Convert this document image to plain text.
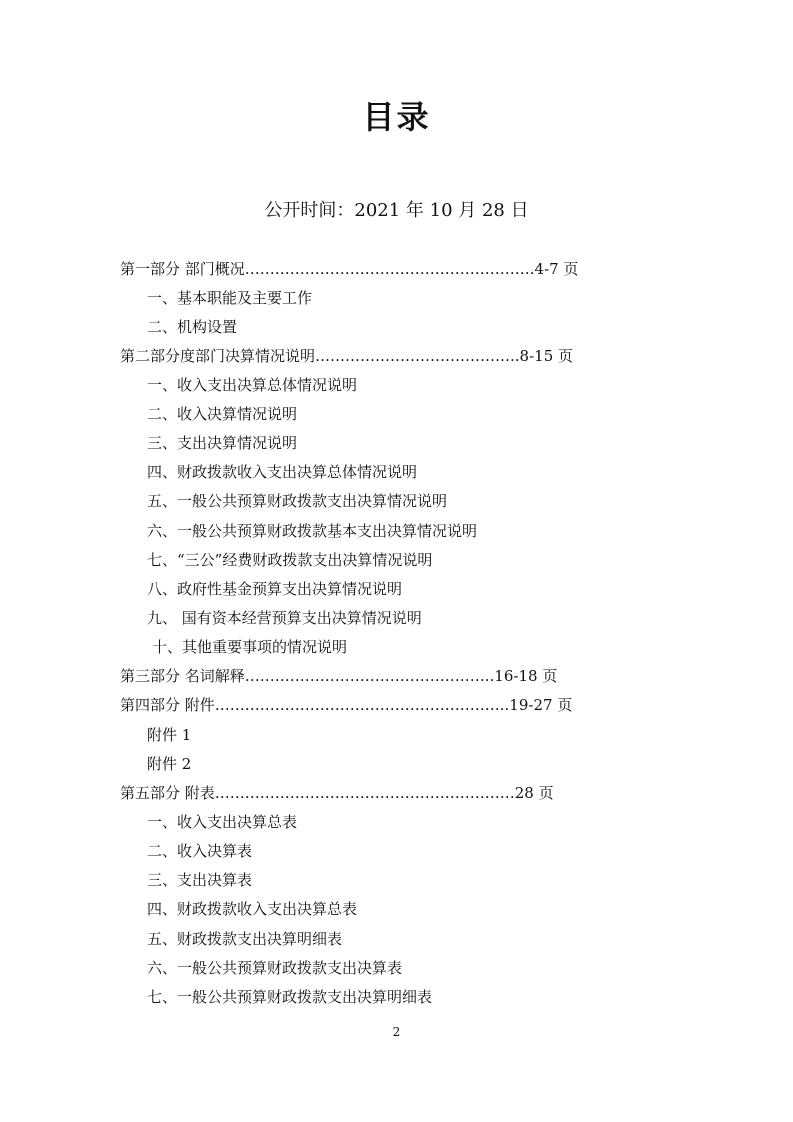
目录
公开时间：2021 年 10 月 28 日
第一部分 部门概况………………………………………………….4-7 页
一、基本职能及主要工作
二、机构设置
第二部分度部门决算情况说明…………………………………..8-15 页
一、收入支出决算总体情况说明
二、收入决算情况说明
三、支出决算情况说明
四、财政拨款收入支出决算总体情况说明
五、一般公共预算财政拨款支出决算情况说明
六、一般公共预算财政拨款基本支出决算情况说明
七、“三公”经费财政拨款支出决算情况说明
八、政府性基金预算支出决算情况说明
九、 国有资本经营预算支出决算情况说明
十、其他重要事项的情况说明
第三部分 名词解释…………………………………………..16-18 页
第四部分 附件…………………………………………………..19-27 页
附件 1
附件 2
第五部分 附表……………………………………………………28 页
一、收入支出决算总表
二、收入决算表
三、支出决算表
四、财政拨款收入支出决算总表
五、财政拨款支出决算明细表
六、一般公共预算财政拨款支出决算表
七、一般公共预算财政拨款支出决算明细表
2
